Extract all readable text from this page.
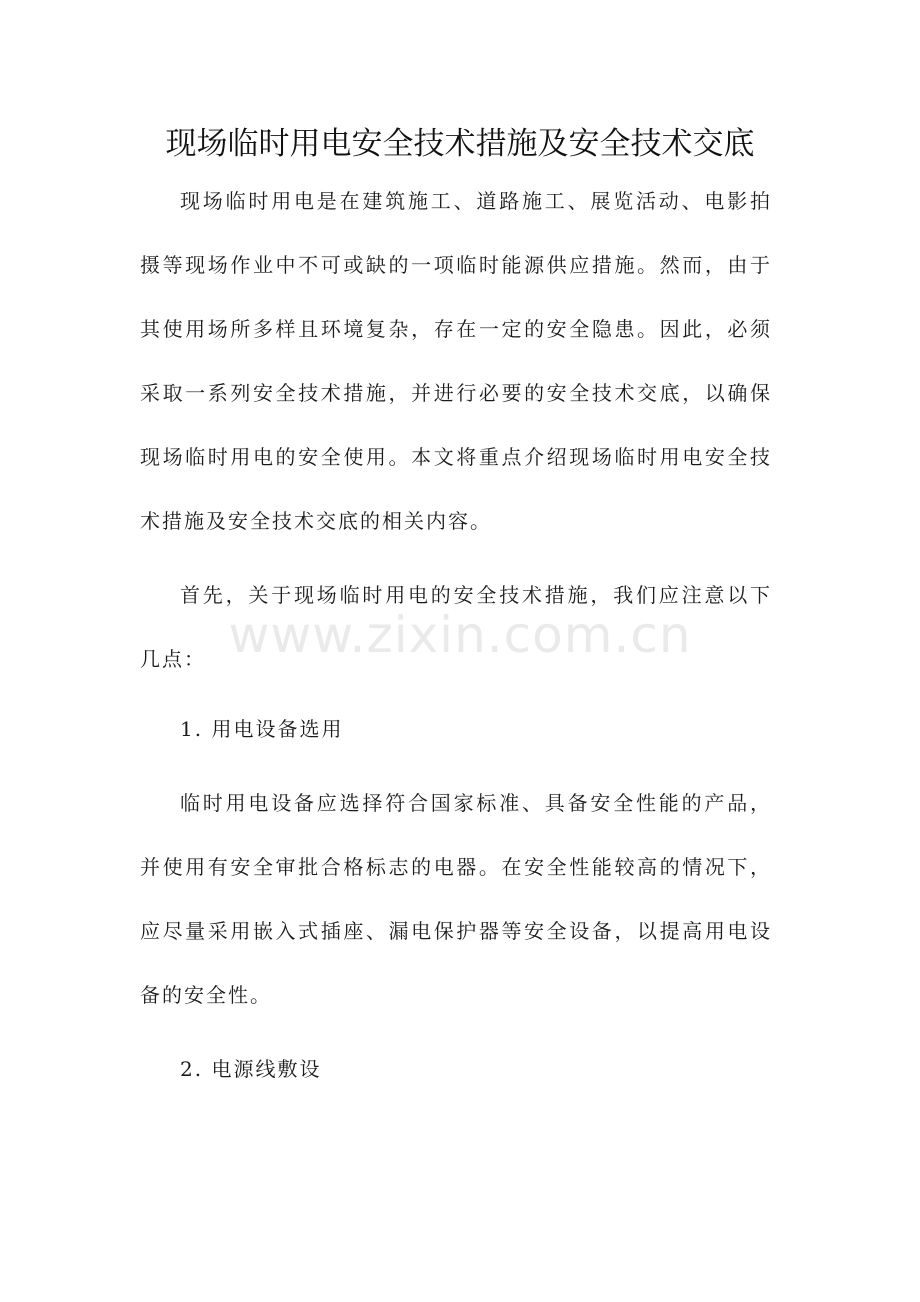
现场临时用电安全技术措施及安全技术交底

现场临时用电是在建筑施工、道路施工、展览活动、电影拍摄等现场作业中不可或缺的一项临时能源供应措施。然而，由于其使用场所多样且环境复杂，存在一定的安全隐患。因此，必须采取一系列安全技术措施，并进行必要的安全技术交底，以确保现场临时用电的安全使用。本文将重点介绍现场临时用电安全技术措施及安全技术交底的相关内容。

首先，关于现场临时用电的安全技术措施，我们应注意以下几点：

1. 用电设备选用

临时用电设备应选择符合国家标准、具备安全性能的产品，并使用有安全审批合格标志的电器。在安全性能较高的情况下，应尽量采用嵌入式插座、漏电保护器等安全设备，以提高用电设备的安全性。

2. 电源线敷设

www.zixin.com.cn
